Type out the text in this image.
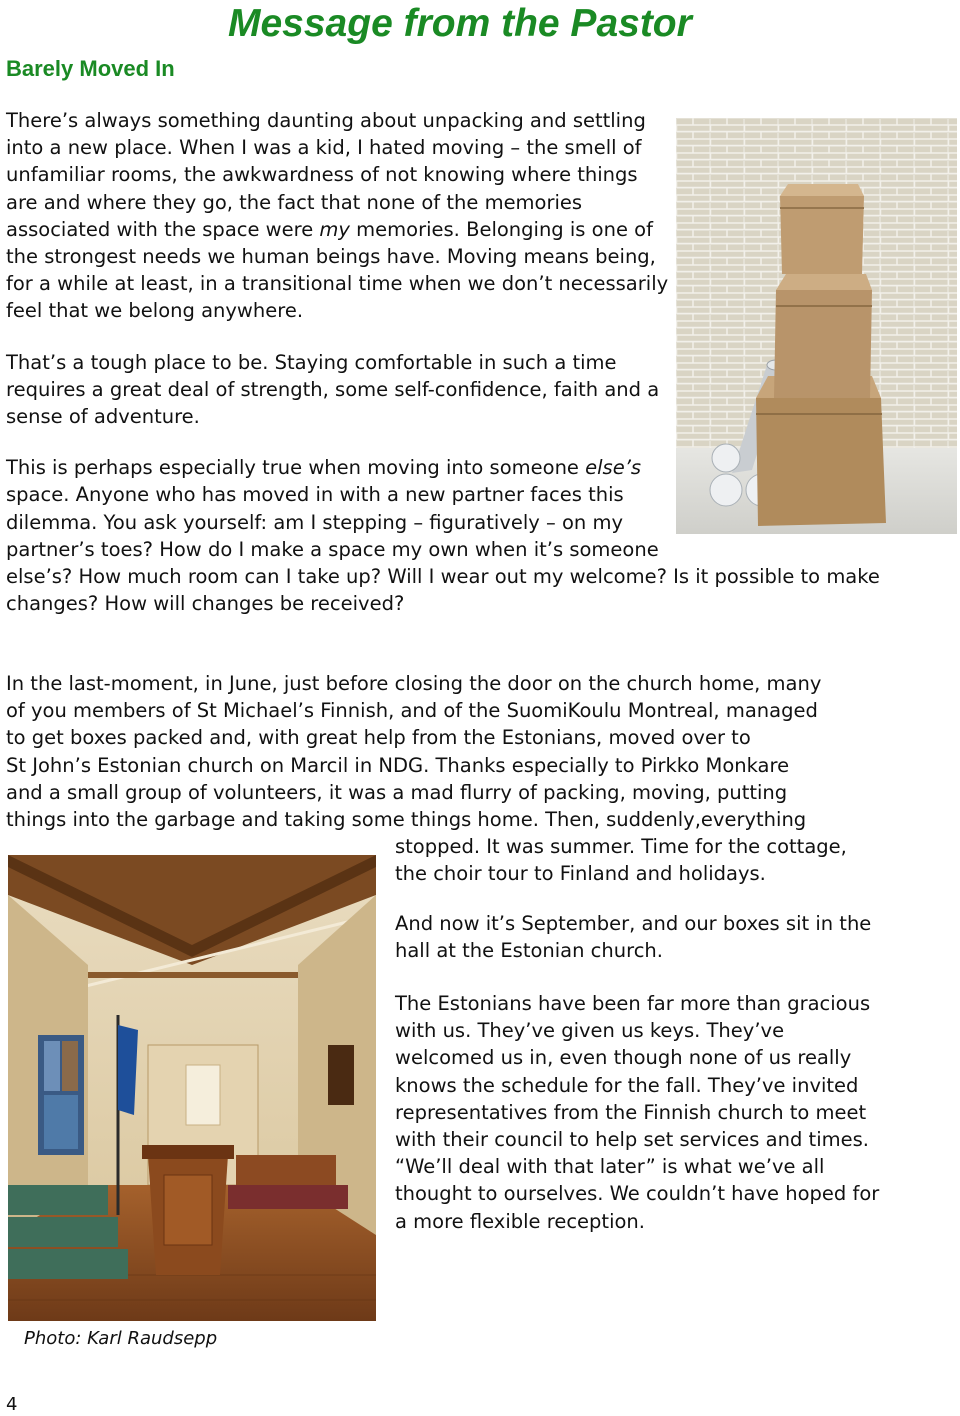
Message from the Pastor
Barely Moved In

There’s always something daunting about unpacking and settling into a new place. When I was a kid, I hated moving – the smell of unfamiliar rooms, the awkwardness of not knowing where things are and where they go, the fact that none of the memories associated with the space were my memories. Belonging is one of the strongest needs we human beings have. Moving means being, for a while at least, in a transitional time when we don’t necessarily feel that we belong anywhere.

That’s a tough place to be. Staying comfortable in such a time requires a great deal of strength, some self-confidence, faith and a sense of adventure.

This is perhaps especially true when moving into someone else’s space. Anyone who has moved in with a new partner faces this dilemma. You ask yourself: am I stepping – figuratively – on my partner’s toes? How do I make a space my own when it’s someone else’s? How much room can I take up? Will I wear out my welcome? Is it possible to make changes? How will changes be received?

In the last-moment, in June, just before closing the door on the church home, many

of you members of St Michael’s Finnish, and of the SuomiKoulu Montreal, managed

to get boxes packed and, with great help from the Estonians, moved over to

St John’s Estonian church on Marcil in NDG. Thanks especially to Pirkko Monkare

and a small group of volunteers, it was a mad flurry of packing, moving, putting

things into the garbage and taking some things home. Then, suddenly,everything

stopped. It was summer. Time for the cottage,

the choir tour to Finland and holidays.

And now it’s September, and our boxes sit in the

hall at the Estonian church.

The Estonians have been far more than gracious

with us. They’ve given us keys. They’ve

welcomed us in, even though none of us really

knows the schedule for the fall. They’ve invited

representatives from the Finnish church to meet

with their council to help set services and times.

“We’ll deal with that later” is what we’ve all

thought to ourselves. We couldn’t have hoped for

a more flexible reception.

Photo: Karl Raudsepp

4
